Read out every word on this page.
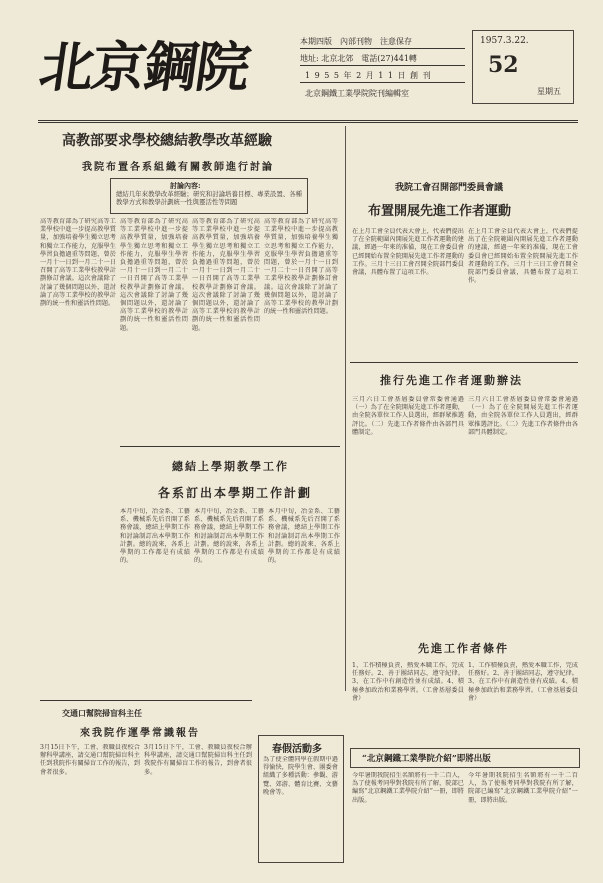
北京鋼院	本期四版　內部刊物　注意保存
地址: 北京北郊　電話(27)441轉
1 9 5 5 年 2 月 1 1 日 創 刊
北京鋼鐵工業學院院刊編輯室
1957.3.22.
52
星期五
高教部要求學校總結教學改革經驗
我院布置各系組織有關教師進行討論
討論內容:
總結几年來教學改革經驗；研究和討論培養目標、專業設置、各種教學方式和教學計劃統一性與靈活性等問題
高等教育部為了研究高等工業學校中進一步提高教學質量，加強培養學生獨立思考和獨立工作能力，克服學生學習負擔過重等問題，曾於一月十一日到一月二十一日召開了高等工業學校教學計劃修訂會議。這次會議除了討論了幾個問題以外，還討論了高等工業學校的教學計劃的統一性和靈活性問題。
高等教育部為了研究高等工業學校中進一步提高教學質量，加強培養學生獨立思考和獨立工作能力，克服學生學習負擔過重等問題，曾於一月十一日到一月二十一日召開了高等工業學校教學計劃修訂會議。這次會議除了討論了幾個問題以外，還討論了高等工業學校的教學計劃的統一性和靈活性問題。
高等教育部為了研究高等工業學校中進一步提高教學質量，加強培養學生獨立思考和獨立工作能力，克服學生學習負擔過重等問題，曾於一月十一日到一月二十一日召開了高等工業學校教學計劃修訂會議。這次會議除了討論了幾個問題以外，還討論了高等工業學校的教學計劃的統一性和靈活性問題。
高等教育部為了研究高等工業學校中進一步提高教學質量，加強培養學生獨立思考和獨立工作能力，克服學生學習負擔過重等問題，曾於一月十一日到一月二十一日召開了高等工業學校教學計劃修訂會議。這次會議除了討論了幾個問題以外，還討論了高等工業學校的教學計劃的統一性和靈活性問題。
我院工會召開部門委員會議
布置開展先進工作者運動
在上月工會全員代表大會上，代表們提出了在全院範圍內開展先進工作者運動的建議，經過一年來的准備，現在工會委員會已經開始布置全院開展先進工作者運動的工作。三月十三日工會召開全院部門委員會議，具體布置了這項工作。
在上月工會全員代表大會上，代表們提出了在全院範圍內開展先進工作者運動的建議，經過一年來的准備，現在工會委員會已經開始布置全院開展先進工作者運動的工作。三月十三日工會召開全院部門委員會議，具體布置了這項工作。
推行先進工作者運動辦法
三月六日工會基層委員會常委會通過（一）為了在全院開展先進工作者運動，由全院各單位工作人員選出，經群眾推選評比。（二）先進工作者條件由各部門具體制定。
三月六日工會基層委員會常委會通過（一）為了在全院開展先進工作者運動，由全院各單位工作人員選出，經群眾推選評比。（二）先進工作者條件由各部門具體制定。
先進工作者條件
1、工作積極負責，熱愛本職工作，完成任務好。2、善于團結同志，遵守紀律。3、在工作中有創造性並有成績。4、積極參加政治和業務學習。（工會基層委員會）
1、工作積極負責，熱愛本職工作，完成任務好。2、善于團結同志，遵守紀律。3、在工作中有創造性並有成績。4、積極參加政治和業務學習。（工會基層委員會）
總結上學期教學工作
各系訂出本學期工作計劃
本月中旬，冶金系、工藝系、機械系先后召開了系務會議，總結上學期工作和討論制訂出本學期工作計劃。總的說來，各系上學期的工作都是有成績的。
本月中旬，冶金系、工藝系、機械系先后召開了系務會議，總結上學期工作和討論制訂出本學期工作計劃。總的說來，各系上學期的工作都是有成績的。
本月中旬，冶金系、工藝系、機械系先后召開了系務會議，總結上學期工作和討論制訂出本學期工作計劃。總的說來，各系上學期的工作都是有成績的。
春假活動多
為了使全體同學在假期中過得愉快，院學生會、團委會組織了多種活動：參觀、游覽、郊游、體育比賽、文藝晚會等。
交通口幫院掃盲科主任
來我院作運學常識報告
3月15日下午，工會、教職員夜校合辦科學講座，請交通口幫院掃盲科主任到我院作有關掃盲工作的報告，到會者很多。
3月15日下午，工會、教職員夜校合辦科學講座，請交通口幫院掃盲科主任到我院作有關掃盲工作的報告，到會者很多。
“北京鋼鐵工業學院介紹”即將出版
今年暑期我院招生名額將有一千二百人，為了使報考同學對我院有所了解，院部已編寫“北京鋼鐵工業學院介紹”一冊，即將出版。
今年暑期我院招生名額將有一千二百人，為了使報考同學對我院有所了解，院部已編寫“北京鋼鐵工業學院介紹”一冊，即將出版。
